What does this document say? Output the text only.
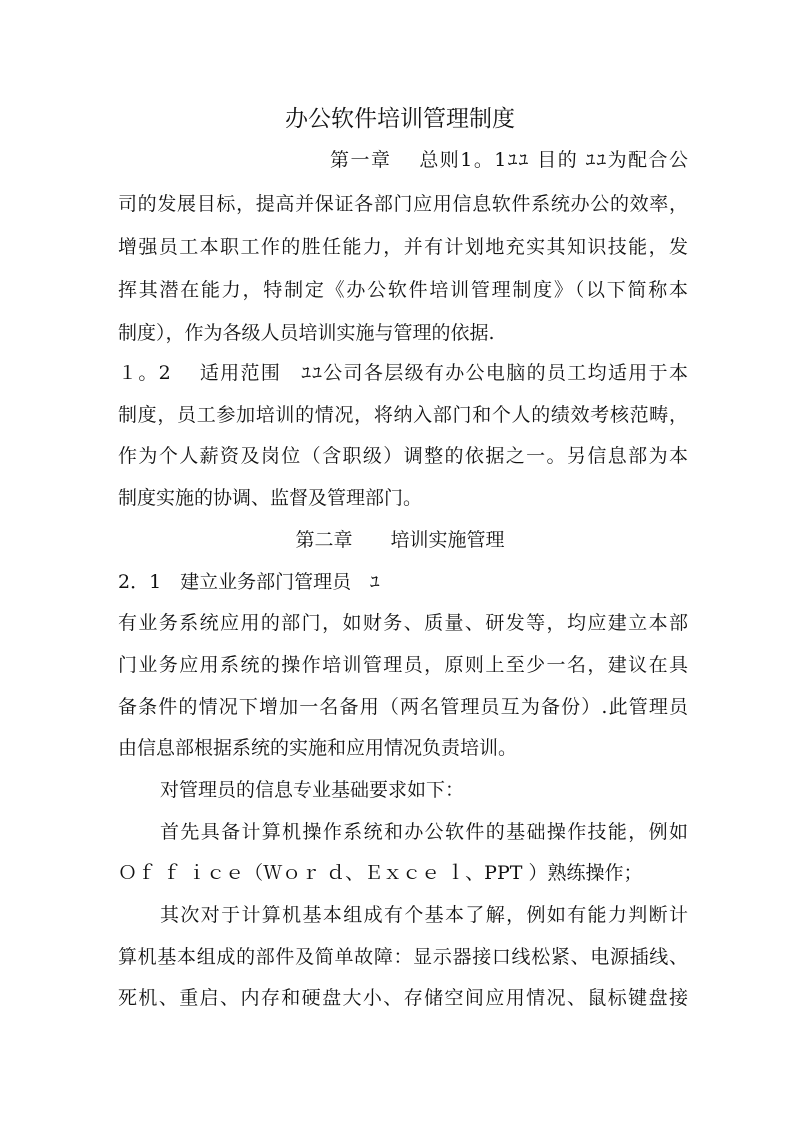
办公软件培训管理制度
第一章　 总则1。1ﾕﾕ 目的 ﾕﾕ为配合公
司的发展目标，提高并保证各部门应用信息软件系统办公的效率，
增强员工本职工作的胜任能力，并有计划地充实其知识技能，发
挥其潜在能力，特制定《办公软件培训管理制度》（以下简称本
制度），作为各级人员培训实施与管理的依据.
１。2　 适用范围　ﾕﾕ公司各层级有办公电脑的员工均适用于本
制度，员工参加培训的情况，将纳入部门和个人的绩效考核范畴，
作为个人薪资及岗位（含职级）调整的依据之一。另信息部为本
制度实施的协调、监督及管理部门。
第二章　　培训实施管理
2．1　建立业务部门管理员　ﾕ
有业务系统应用的部门，如财务、质量、研发等，均应建立本部
门业务应用系统的操作培训管理员，原则上至少一名，建议在具
备条件的情况下增加一名备用（两名管理员互为备份）.此管理员
由信息部根据系统的实施和应用情况负责培训。
对管理员的信息专业基础要求如下：
首先具备计算机操作系统和办公软件的基础操作技能，例如
Ｏｆ ｆ ｉｃｅ（Ｗｏｒ ｄ、Ｅｘｃｅ ｌ、PPT ）熟练操作；
其次对于计算机基本组成有个基本了解，例如有能力判断计
算机基本组成的部件及简单故障：显示器接口线松紧、电源插线、
死机、重启、内存和硬盘大小、存储空间应用情况、鼠标键盘接
